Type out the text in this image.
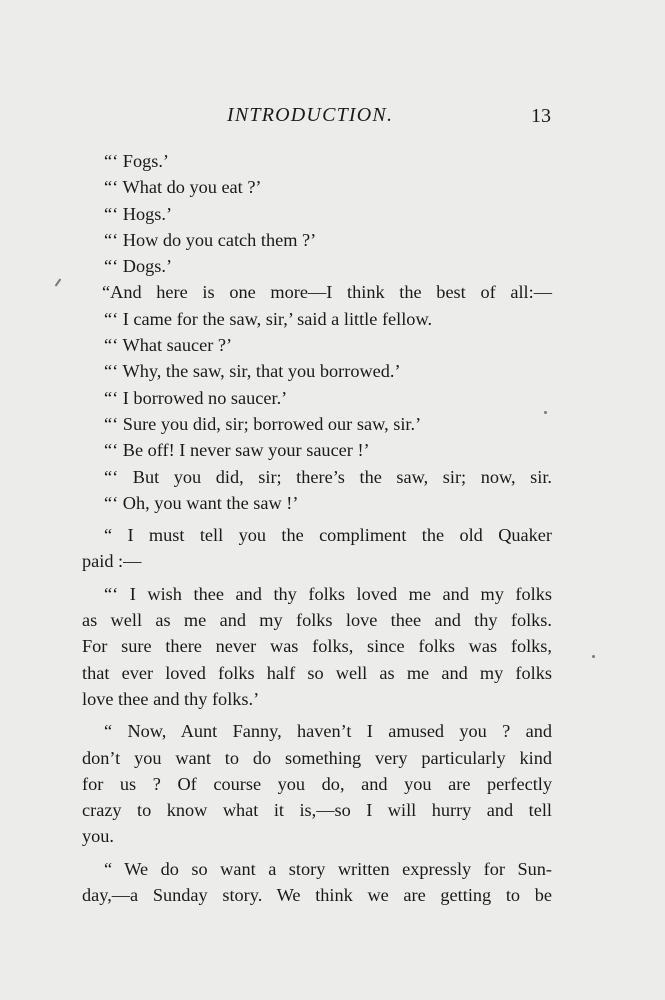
INTRODUCTION.	13
“‘ Fogs.’
“‘ What do you eat ?’
“‘ Hogs.’
“‘ How do you catch them ?’
“‘ Dogs.’
“And here is one more—I think the best of all:—
“‘ I came for the saw, sir,’ said a little fellow.
“‘ What saucer ?’
“‘ Why, the saw, sir, that you borrowed.’
“‘ I borrowed no saucer.’
“‘ Sure you did, sir; borrowed our saw, sir.’
“‘ Be off! I never saw your saucer !’
“‘ But you did, sir; there’s the saw, sir; now, sir.
“‘ Oh, you want the saw !’
“ I must tell you the compliment the old Quaker
paid :—
“‘ I wish thee and thy folks loved me and my folks
as well as me and my folks love thee and thy folks.
For sure there never was folks, since folks was folks,
that ever loved folks half so well as me and my folks
love thee and thy folks.’
“ Now, Aunt Fanny, haven’t I amused you ? and
don’t you want to do something very particularly kind
for us ? Of course you do, and you are perfectly
crazy to know what it is,—so I will hurry and tell
you.
“ We do so want a story written expressly for Sun-
day,—a Sunday story. We think we are getting to be
